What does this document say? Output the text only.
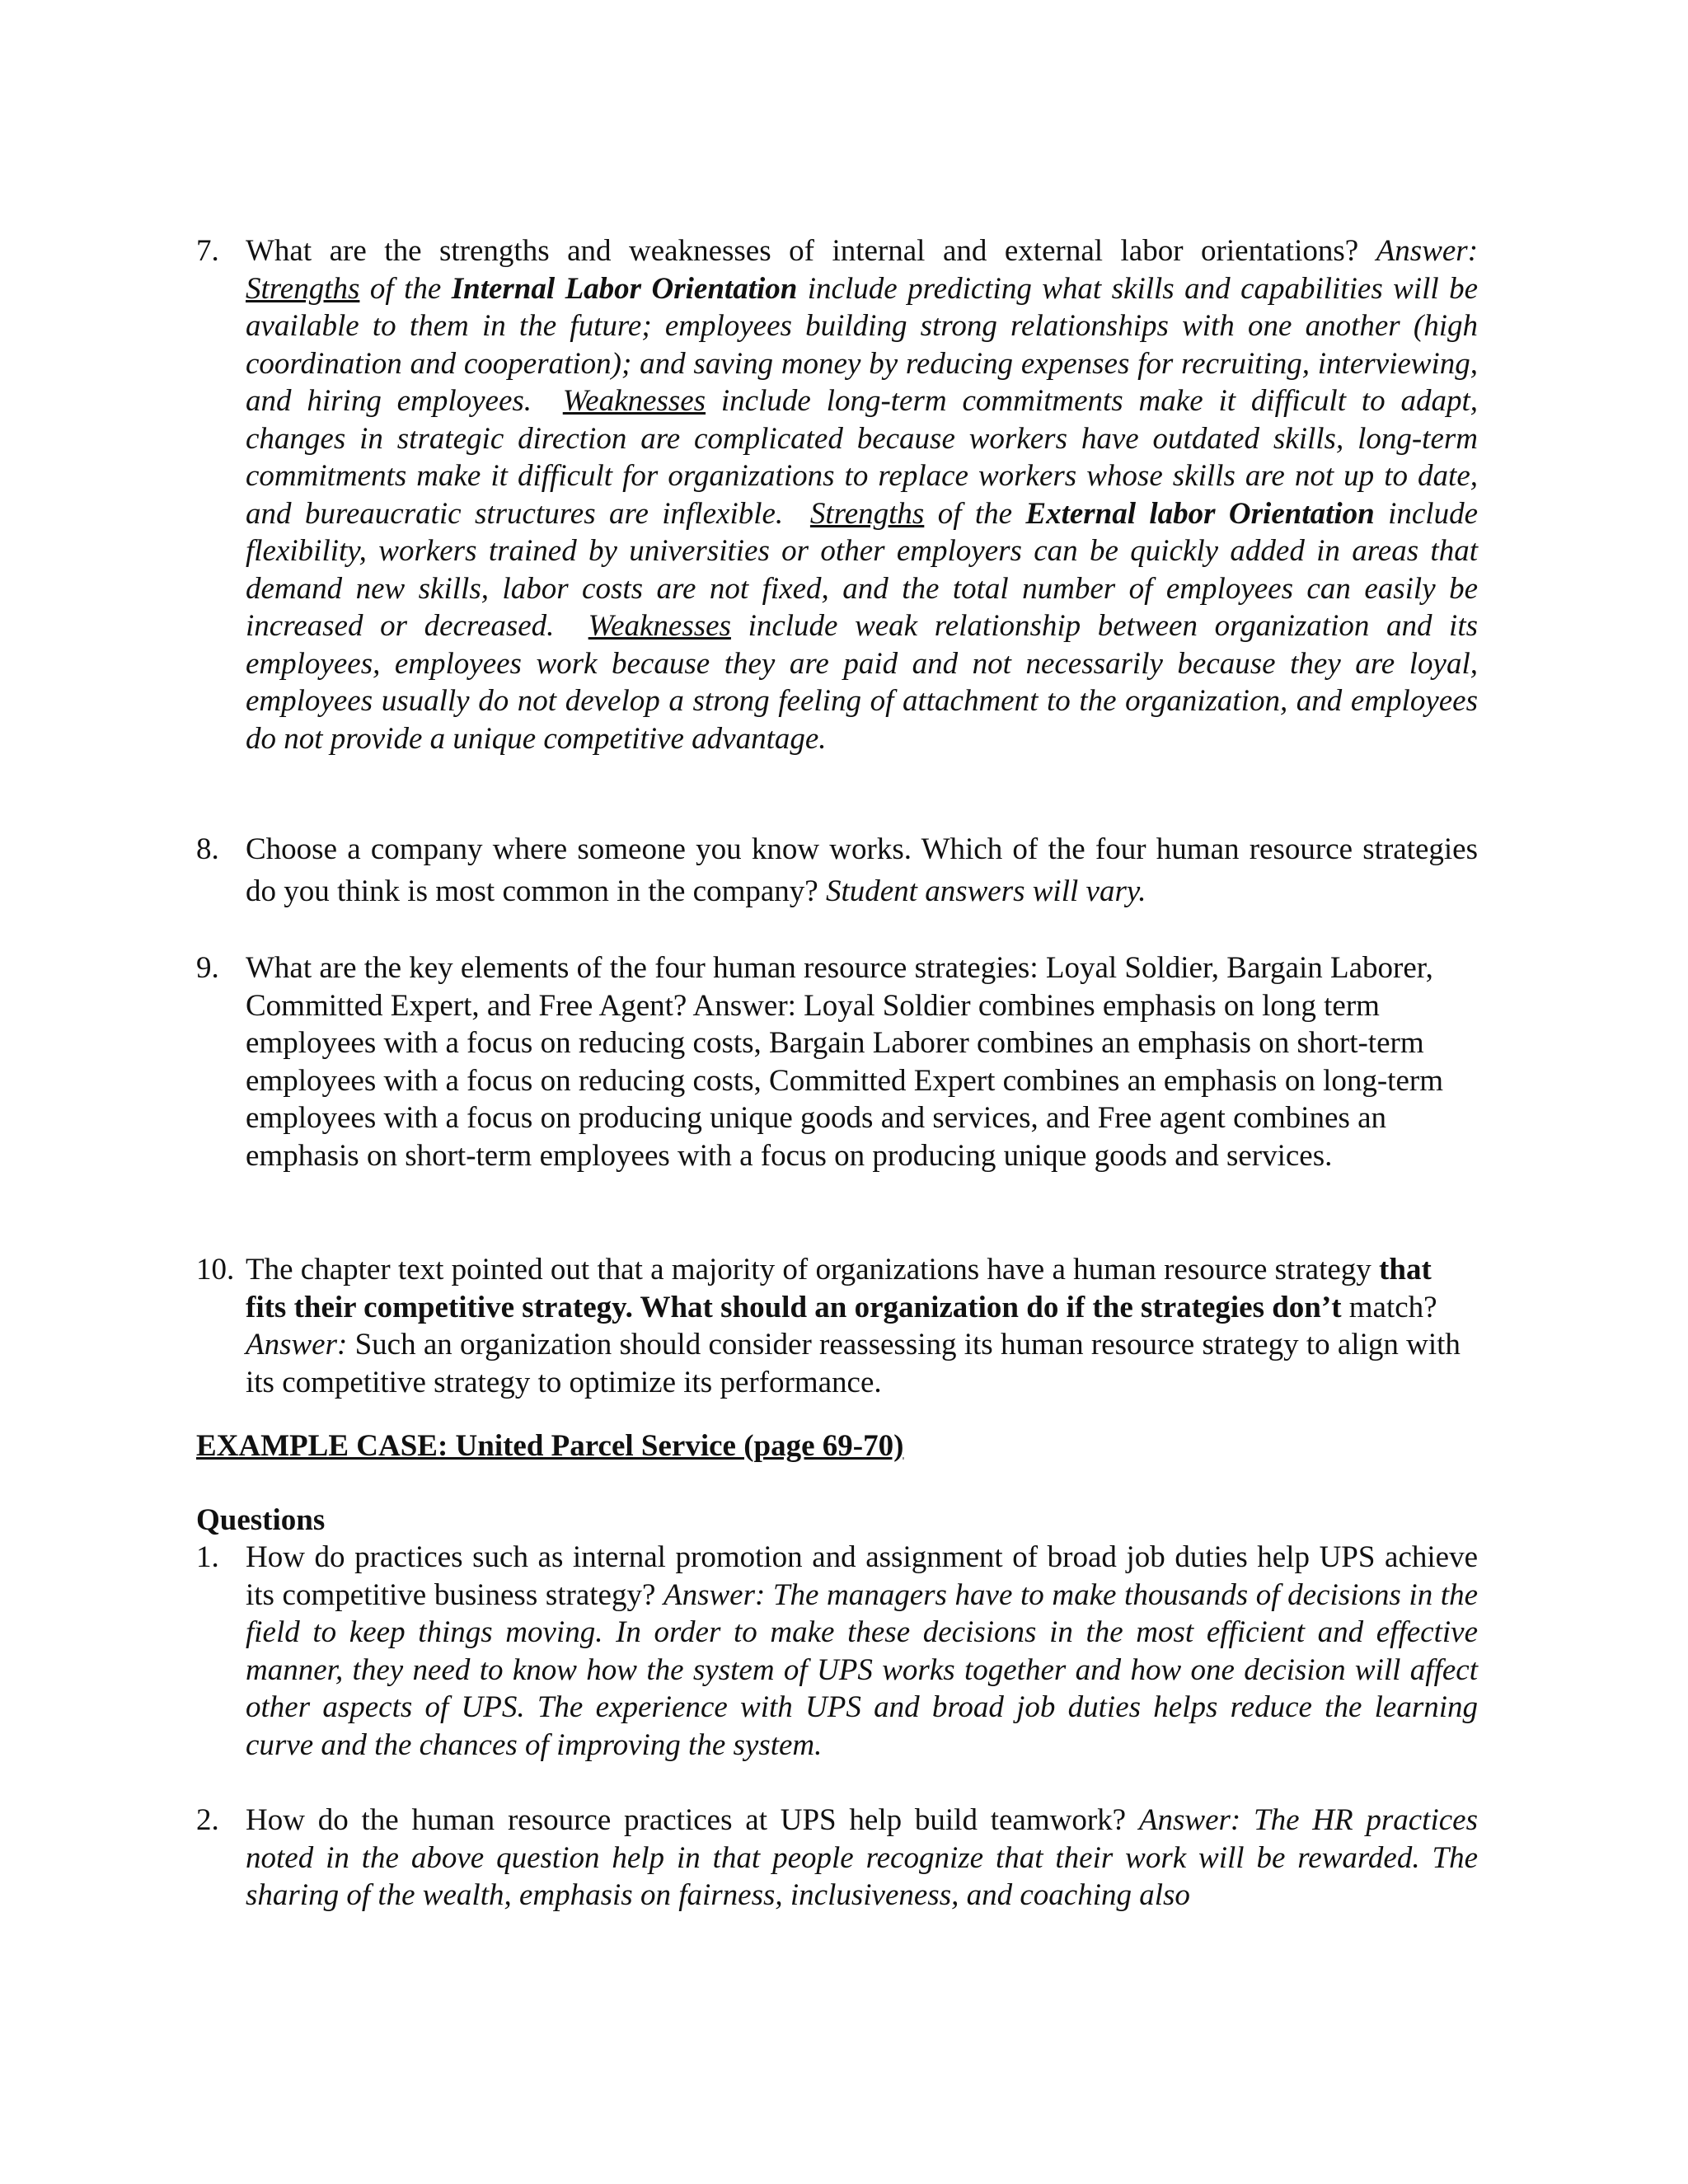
7. What are the strengths and weaknesses of internal and external labor orientations? Answer: Strengths of the Internal Labor Orientation include predicting what skills and capabilities will be available to them in the future; employees building strong relationships with one another (high coordination and cooperation); and saving money by reducing expenses for recruiting, interviewing, and hiring employees. Weaknesses include long-term commitments make it difficult to adapt, changes in strategic direction are complicated because workers have outdated skills, long-term commitments make it difficult for organizations to replace workers whose skills are not up to date, and bureaucratic structures are inflexible. Strengths of the External labor Orientation include flexibility, workers trained by universities or other employers can be quickly added in areas that demand new skills, labor costs are not fixed, and the total number of employees can easily be increased or decreased. Weaknesses include weak relationship between organization and its employees, employees work because they are paid and not necessarily because they are loyal, employees usually do not develop a strong feeling of attachment to the organization, and employees do not provide a unique competitive advantage.
8. Choose a company where someone you know works. Which of the four human resource strategies do you think is most common in the company? Student answers will vary.
9. What are the key elements of the four human resource strategies: Loyal Soldier, Bargain Laborer, Committed Expert, and Free Agent? Answer: Loyal Soldier combines emphasis on long term employees with a focus on reducing costs, Bargain Laborer combines an emphasis on short-term employees with a focus on reducing costs, Committed Expert combines an emphasis on long-term employees with a focus on producing unique goods and services, and Free agent combines an emphasis on short-term employees with a focus on producing unique goods and services.
10. The chapter text pointed out that a majority of organizations have a human resource strategy that fits their competitive strategy. What should an organization do if the strategies don’t match? Answer: Such an organization should consider reassessing its human resource strategy to align with its competitive strategy to optimize its performance.
EXAMPLE CASE: United Parcel Service (page 69-70)
Questions
1. How do practices such as internal promotion and assignment of broad job duties help UPS achieve its competitive business strategy? Answer: The managers have to make thousands of decisions in the field to keep things moving. In order to make these decisions in the most efficient and effective manner, they need to know how the system of UPS works together and how one decision will affect other aspects of UPS. The experience with UPS and broad job duties helps reduce the learning curve and the chances of improving the system.
2. How do the human resource practices at UPS help build teamwork? Answer: The HR practices noted in the above question help in that people recognize that their work will be rewarded. The sharing of the wealth, emphasis on fairness, inclusiveness, and coaching also
